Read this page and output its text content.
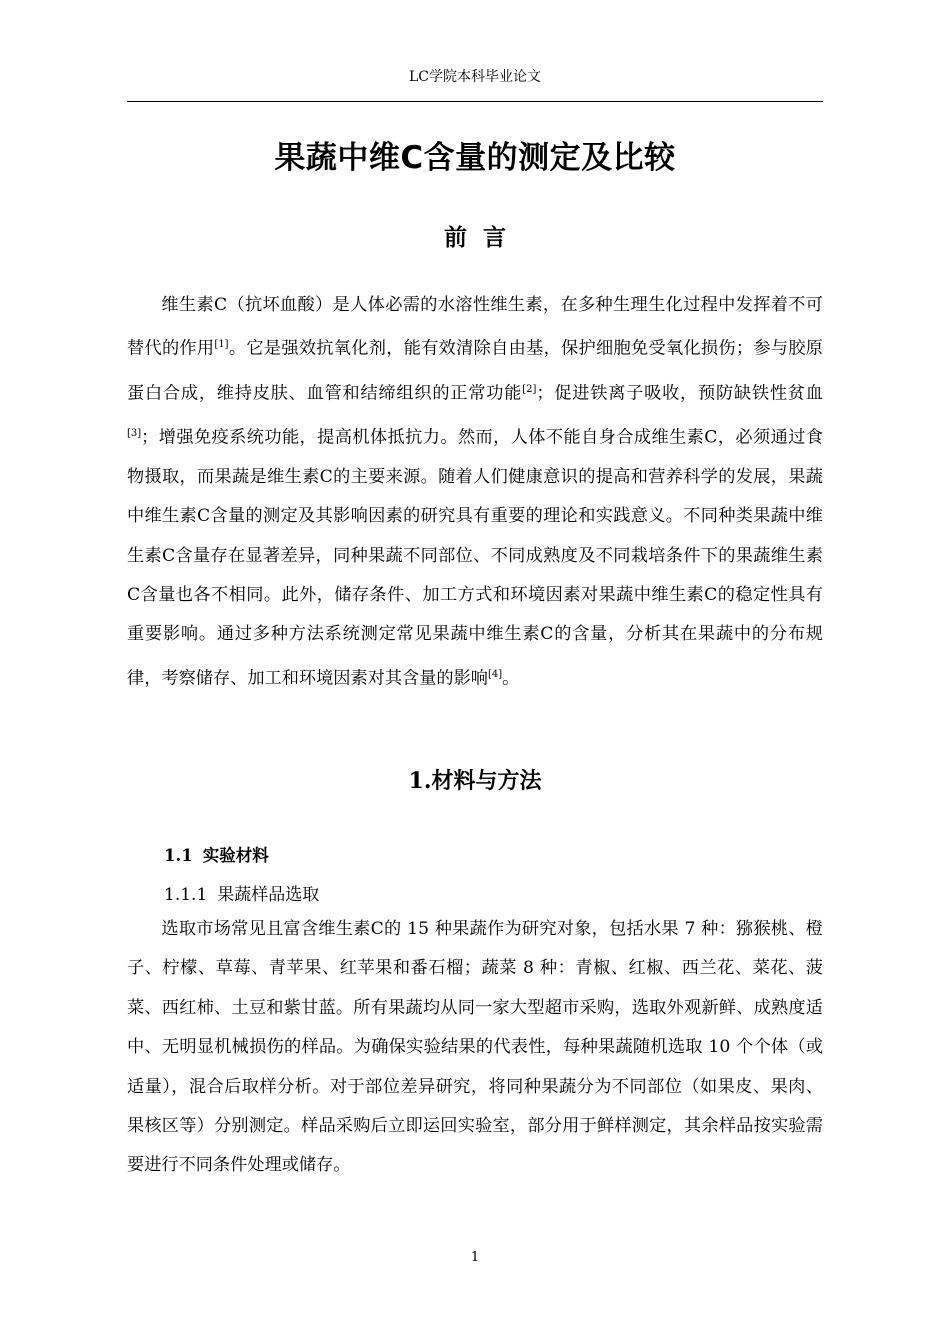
LC学院本科毕业论文
果蔬中维C含量的测定及比较
前  言

维生素C（抗坏血酸）是人体必需的水溶性维生素，在多种生理生化过程中发挥着不可替代的作用[1]。它是强效抗氧化剂，能有效清除自由基，保护细胞免受氧化损伤；参与胶原蛋白合成，维持皮肤、血管和结缔组织的正常功能[2]；促进铁离子吸收，预防缺铁性贫血[3]；增强免疫系统功能，提高机体抵抗力。然而，人体不能自身合成维生素C，必须通过食物摄取，而果蔬是维生素C的主要来源。随着人们健康意识的提高和营养科学的发展，果蔬中维生素C含量的测定及其影响因素的研究具有重要的理论和实践意义。不同种类果蔬中维生素C含量存在显著差异，同种果蔬不同部位、不同成熟度及不同栽培条件下的果蔬维生素C含量也各不相同。此外，储存条件、加工方式和环境因素对果蔬中维生素C的稳定性具有重要影响。通过多种方法系统测定常见果蔬中维生素C的含量，分析其在果蔬中的分布规律，考察储存、加工和环境因素对其含量的影响[4]。

1.材料与方法
1.1 实验材料
1.1.1 果蔬样品选取

选取市场常见且富含维生素C的 15 种果蔬作为研究对象，包括水果 7 种：猕猴桃、橙子、柠檬、草莓、青苹果、红苹果和番石榴；蔬菜 8 种：青椒、红椒、西兰花、菜花、菠菜、西红柿、土豆和紫甘蓝。所有果蔬均从同一家大型超市采购，选取外观新鲜、成熟度适中、无明显机械损伤的样品。为确保实验结果的代表性，每种果蔬随机选取 10 个个体（或适量），混合后取样分析。对于部位差异研究，将同种果蔬分为不同部位（如果皮、果肉、果核区等）分别测定。样品采购后立即运回实验室，部分用于鲜样测定，其余样品按实验需要进行不同条件处理或储存。

1
